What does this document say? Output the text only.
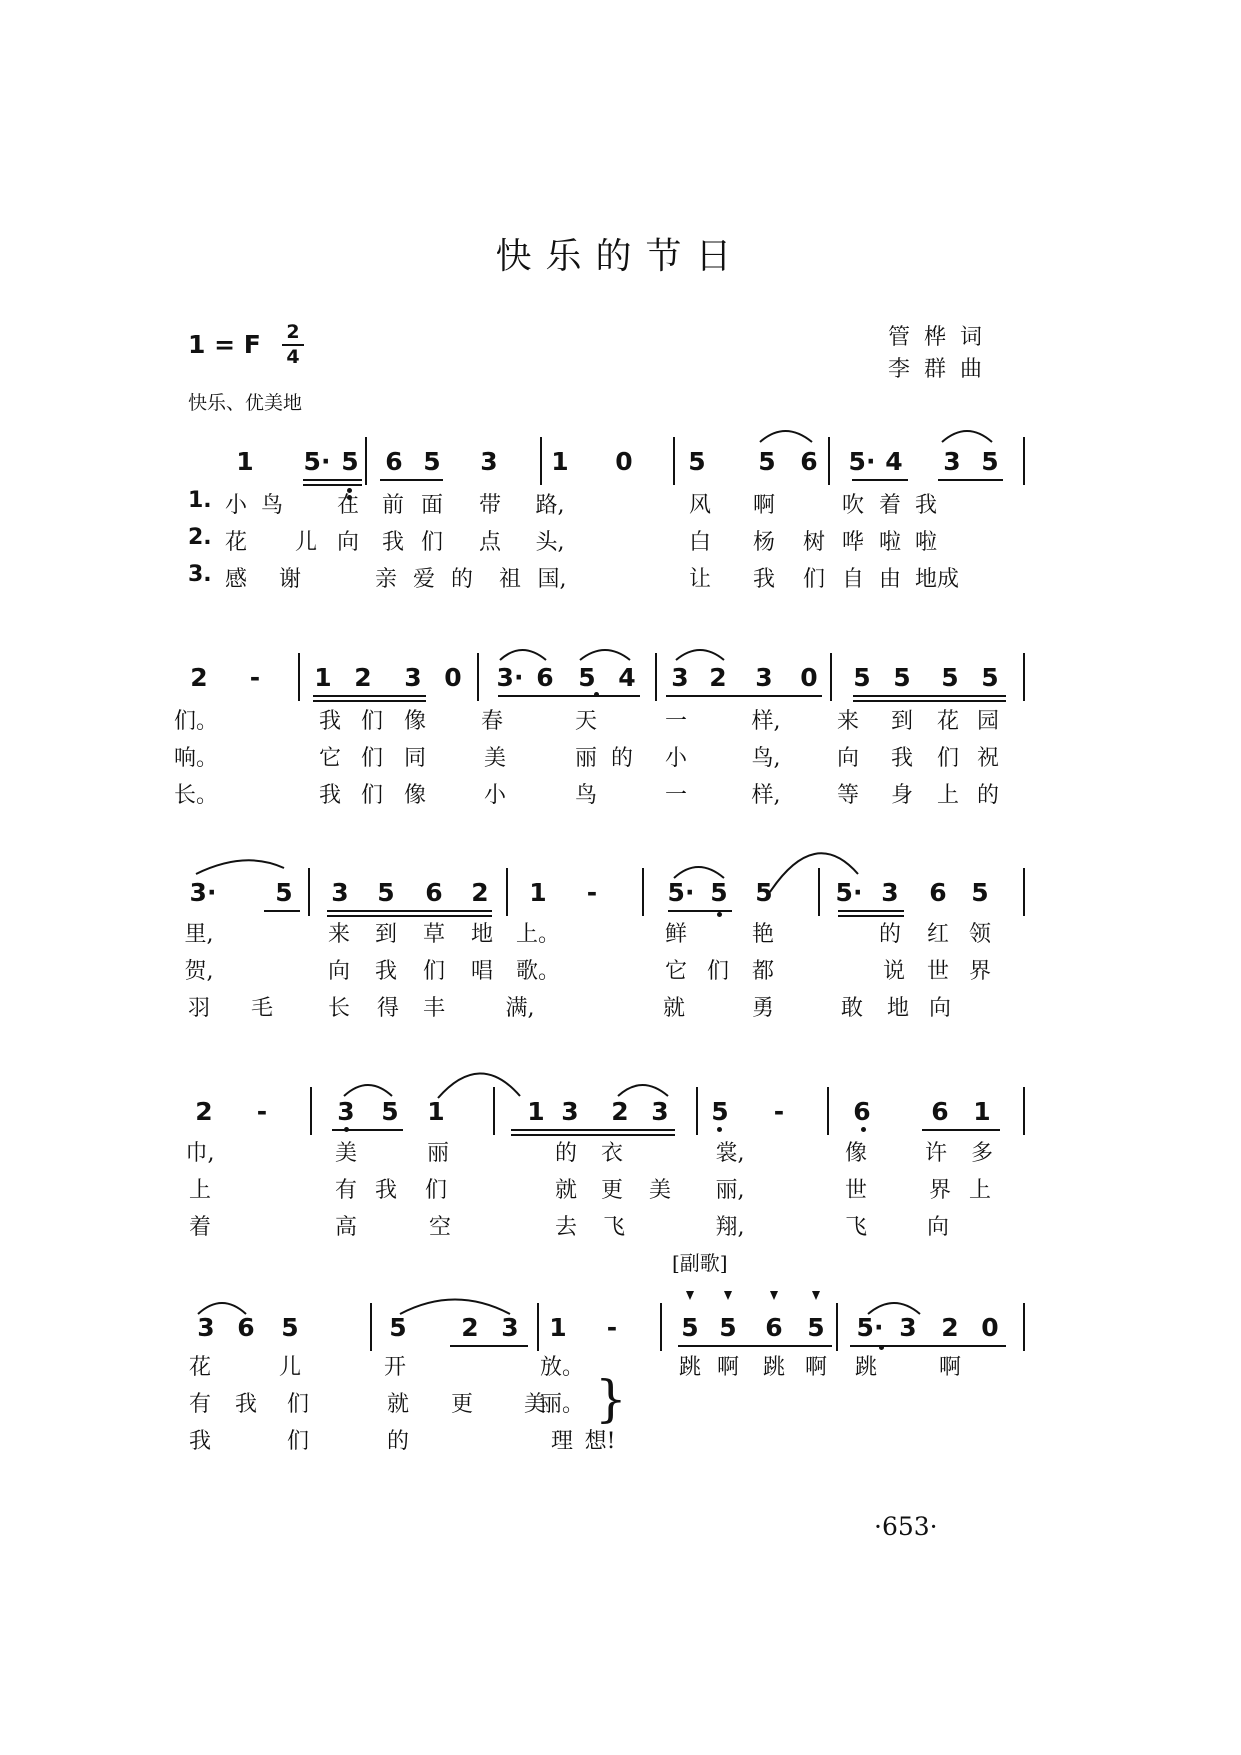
快乐的节日
1 = F 2
4
管桦词
李群曲
快乐、优美地
1.
2.
3.
1 5· 5 6 5 3 1 0 5 5 6 5· 4 3 5
小 鸟 在 前 面 带 路,	风 啊	吹 着 我
花 儿 向 我 们 点 头,	白 杨 树 哗 啦 啦
感 谢	亲 爱 的 祖 国,	让 我 们 自 由 地 成
2 - 1 2 3 0 3· 6 5 4 3 2 3 0 5 5 5 5
们。	我 们 像 春	天	一	样,	来 到 花 园
响。	它 们 同	美	丽 的 小	鸟,	向 我 们 祝
长。	我 们 像	小	鸟	一	样,	等 身 上 的
3· 5 3 5 6 2 1 -	5· 5 5	5· 3 6 5
里,	来 到 草 地 上。	鲜	艳	的 红 领
贺,	向 我 们 唱 歌。	它 们 都	说 世 界
羽 毛 长 得 丰	满,	就	勇	敢 地 向
2 -	3 5 1	1 3 2 3 5 -	6 6 1
巾,	美	丽	的 衣	裳,	像	许 多
上	有 我 们	就 更 美 丽,	世	界 上
着	高	空	去 飞	翔,	飞	向
3 6 5	5 2 3 1 -	5 5 6 5 5· 3 2 0
花	儿	开	放。	跳 啊 跳 啊 跳	啊
有 我 们	就 更 美
丽。
我	们	的	理 想!
[副歌]
}
·653·
